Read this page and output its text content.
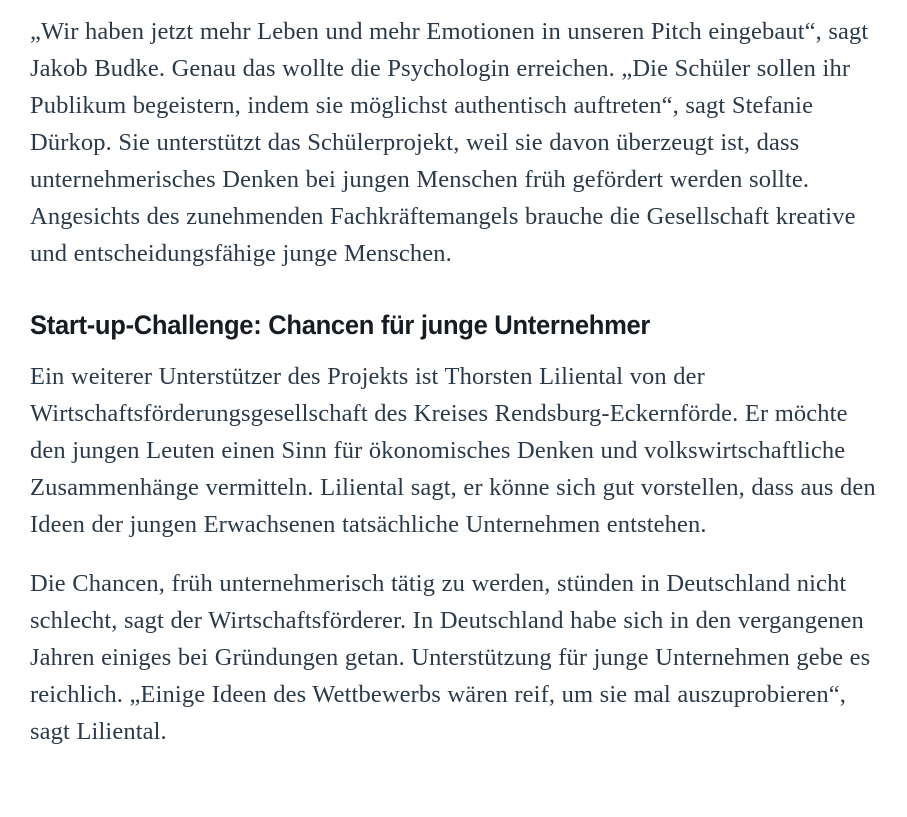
„Wir haben jetzt mehr Leben und mehr Emotionen in unseren Pitch eingebaut“, sagt Jakob Budke. Genau das wollte die Psychologin erreichen. „Die Schüler sollen ihr Publikum begeistern, indem sie möglichst authentisch auftreten“, sagt Stefanie Dürkop. Sie unterstützt das Schülerprojekt, weil sie davon überzeugt ist, dass unternehmerisches Denken bei jungen Menschen früh gefördert werden sollte. Angesichts des zunehmenden Fachkräftemangels brauche die Gesellschaft kreative und entscheidungsfähige junge Menschen.

Start-up-Challenge: Chancen für junge Unternehmer

Ein weiterer Unterstützer des Projekts ist Thorsten Liliental von der Wirtschaftsförderungsgesellschaft des Kreises Rendsburg-Eckernförde. Er möchte den jungen Leuten einen Sinn für ökonomisches Denken und volkswirtschaftliche Zusammenhänge vermitteln. Liliental sagt, er könne sich gut vorstellen, dass aus den Ideen der jungen Erwachsenen tatsächliche Unternehmen entstehen.

Die Chancen, früh unternehmerisch tätig zu werden, stünden in Deutschland nicht schlecht, sagt der Wirtschaftsförderer. In Deutschland habe sich in den vergangenen Jahren einiges bei Gründungen getan. Unterstützung für junge Unternehmen gebe es reichlich. „Einige Ideen des Wettbewerbs wären reif, um sie mal auszuprobieren“, sagt Liliental.
